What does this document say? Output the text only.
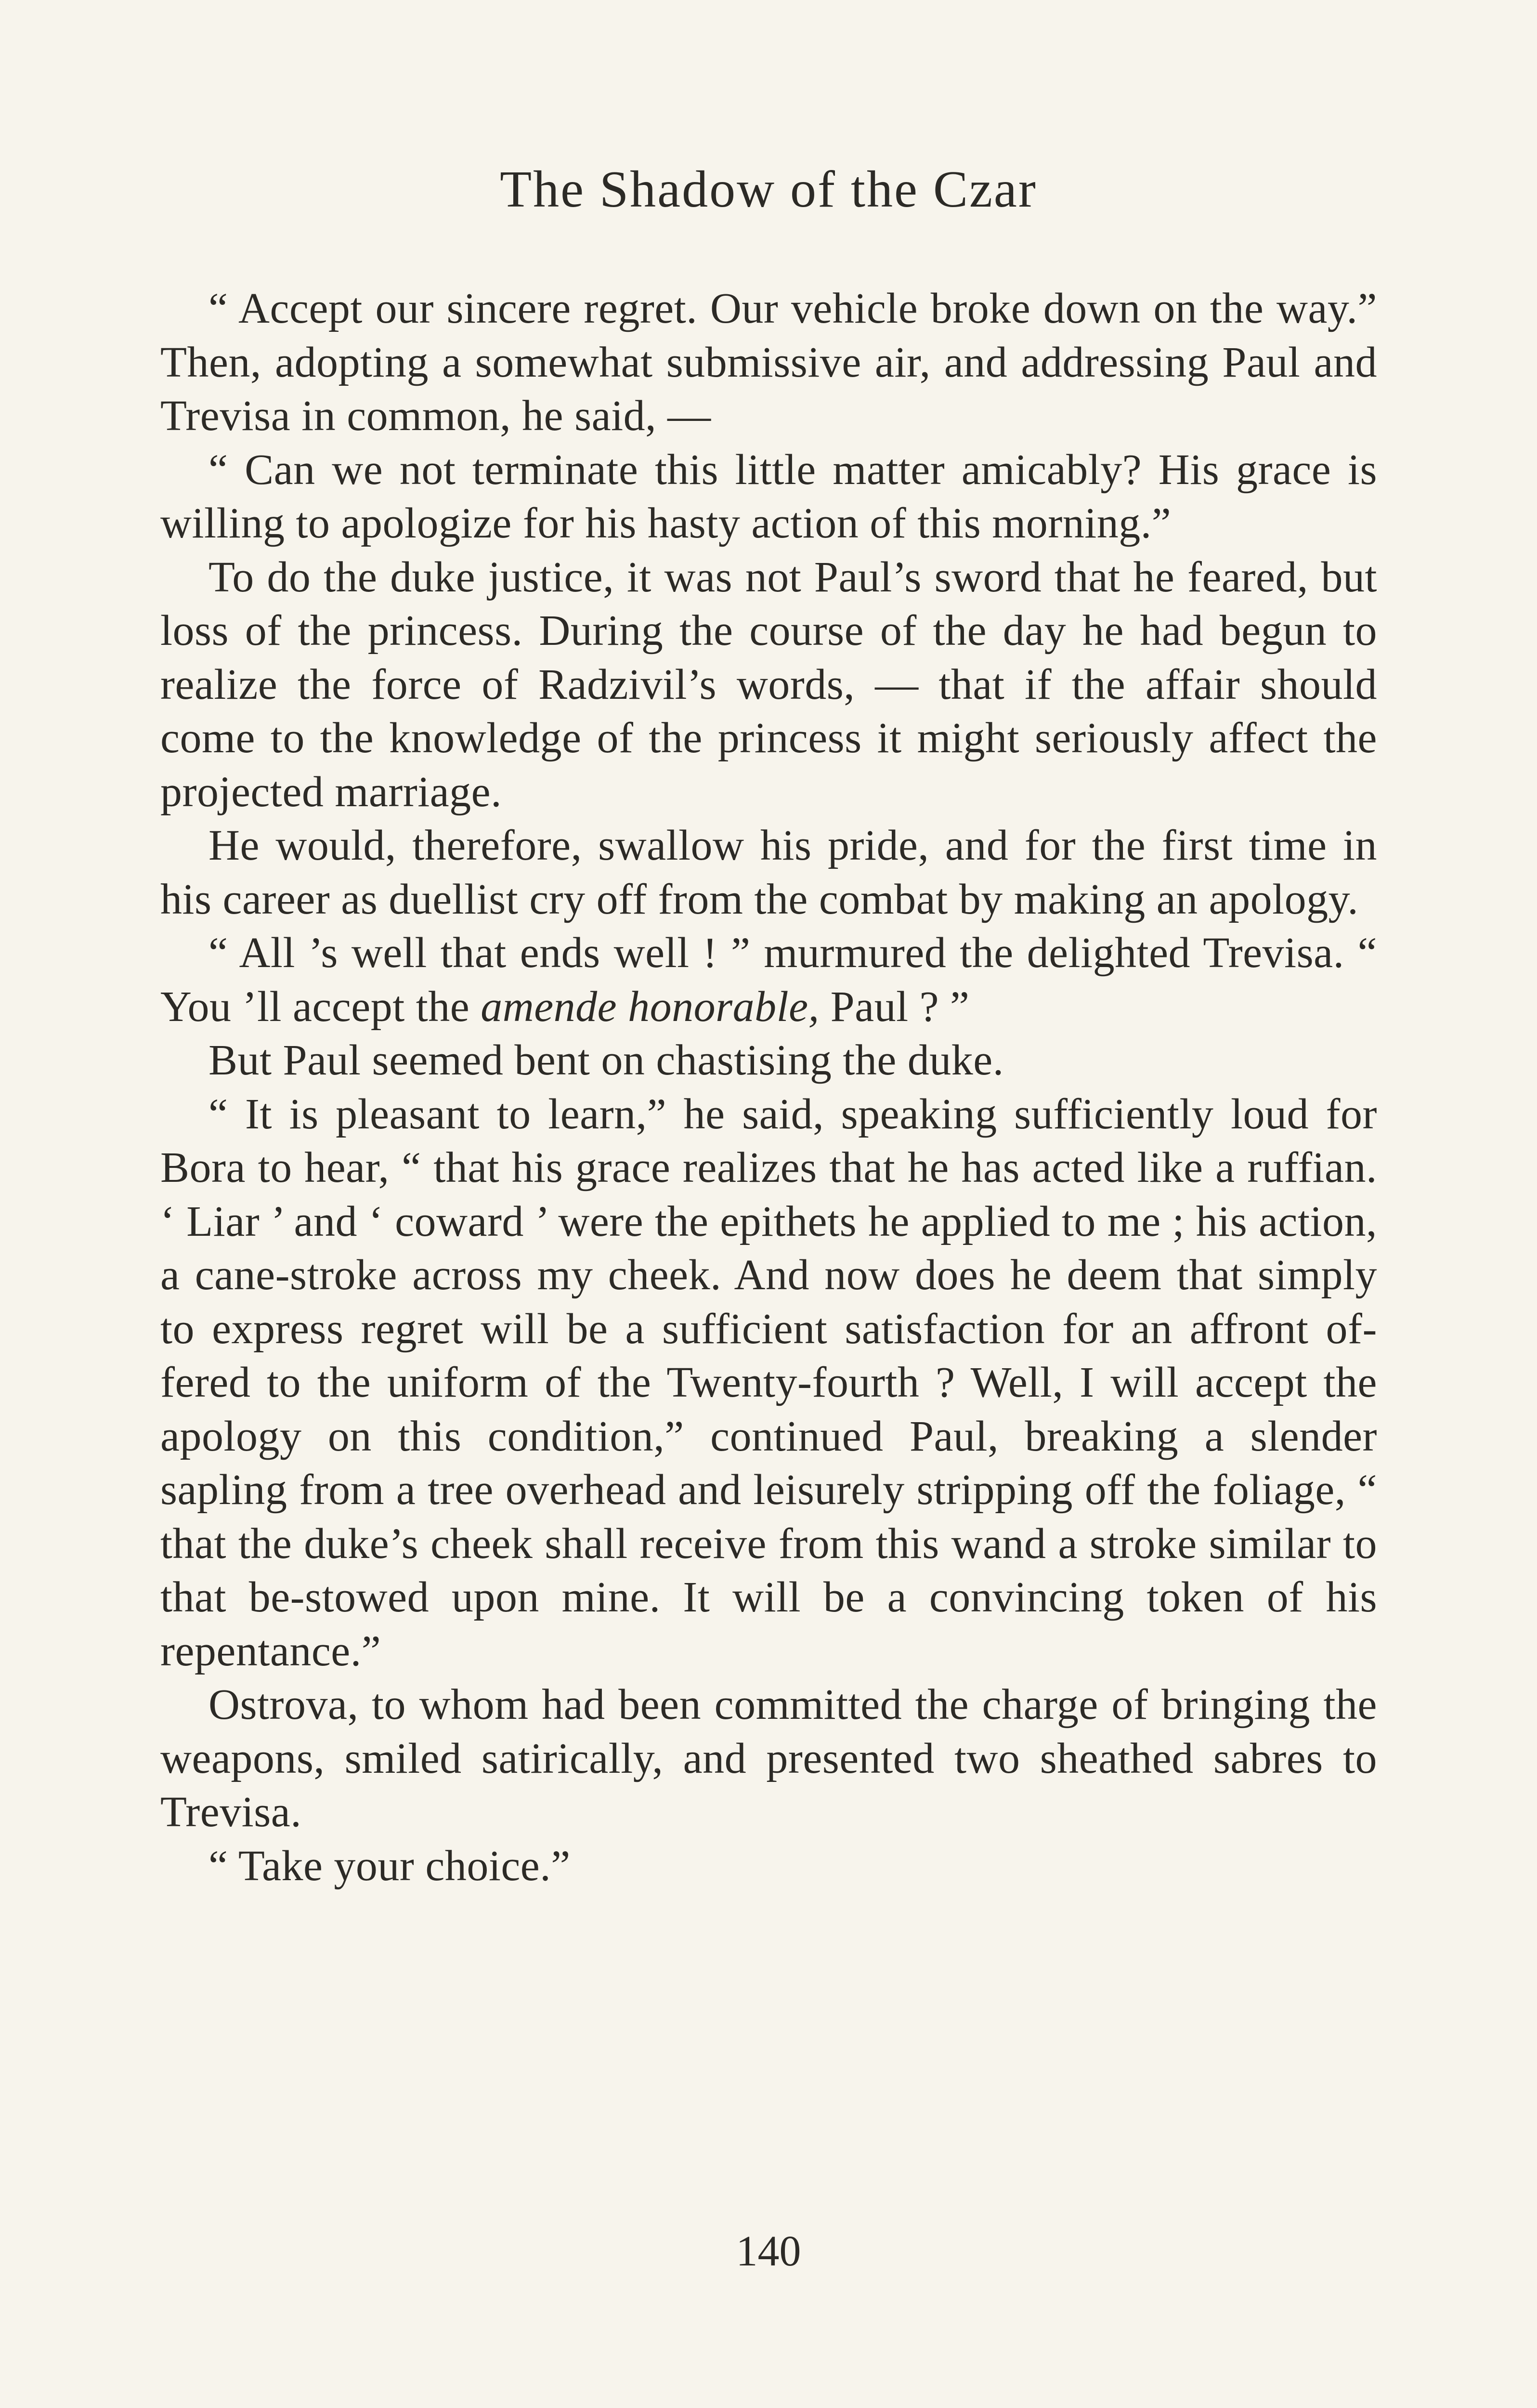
The Shadow of the Czar

“ Accept our sincere regret. Our vehicle broke down on the way.” Then, adopting a somewhat submissive air, and addressing Paul and Trevisa in common, he said, —

“ Can we not terminate this little matter amicably? His grace is willing to apologize for his hasty action of this morning.”

To do the duke justice, it was not Paul’s sword that he feared, but loss of the princess. During the course of the day he had begun to realize the force of Radzivil’s words, — that if the affair should come to the knowledge of the princess it might seriously affect the projected marriage.

He would, therefore, swallow his pride, and for the first time in his career as duellist cry off from the combat by making an apology.

“ All ’s well that ends well ! ” murmured the delighted Trevisa. “ You ’ll accept the amende honorable, Paul ? ”

But Paul seemed bent on chastising the duke.

“ It is pleasant to learn,” he said, speaking sufficiently loud for Bora to hear, “ that his grace realizes that he has acted like a ruffian. ‘ Liar ’ and ‘ coward ’ were the epithets he applied to me ; his action, a cane-stroke across my cheek. And now does he deem that simply to express regret will be a sufficient satisfaction for an affront of-fered to the uniform of the Twenty-fourth ? Well, I will accept the apology on this condition,” continued Paul, breaking a slender sapling from a tree overhead and leisurely stripping off the foliage, “ that the duke’s cheek shall receive from this wand a stroke similar to that be-stowed upon mine. It will be a convincing token of his repentance.”

Ostrova, to whom had been committed the charge of bringing the weapons, smiled satirically, and presented two sheathed sabres to Trevisa.

“ Take your choice.”

140
